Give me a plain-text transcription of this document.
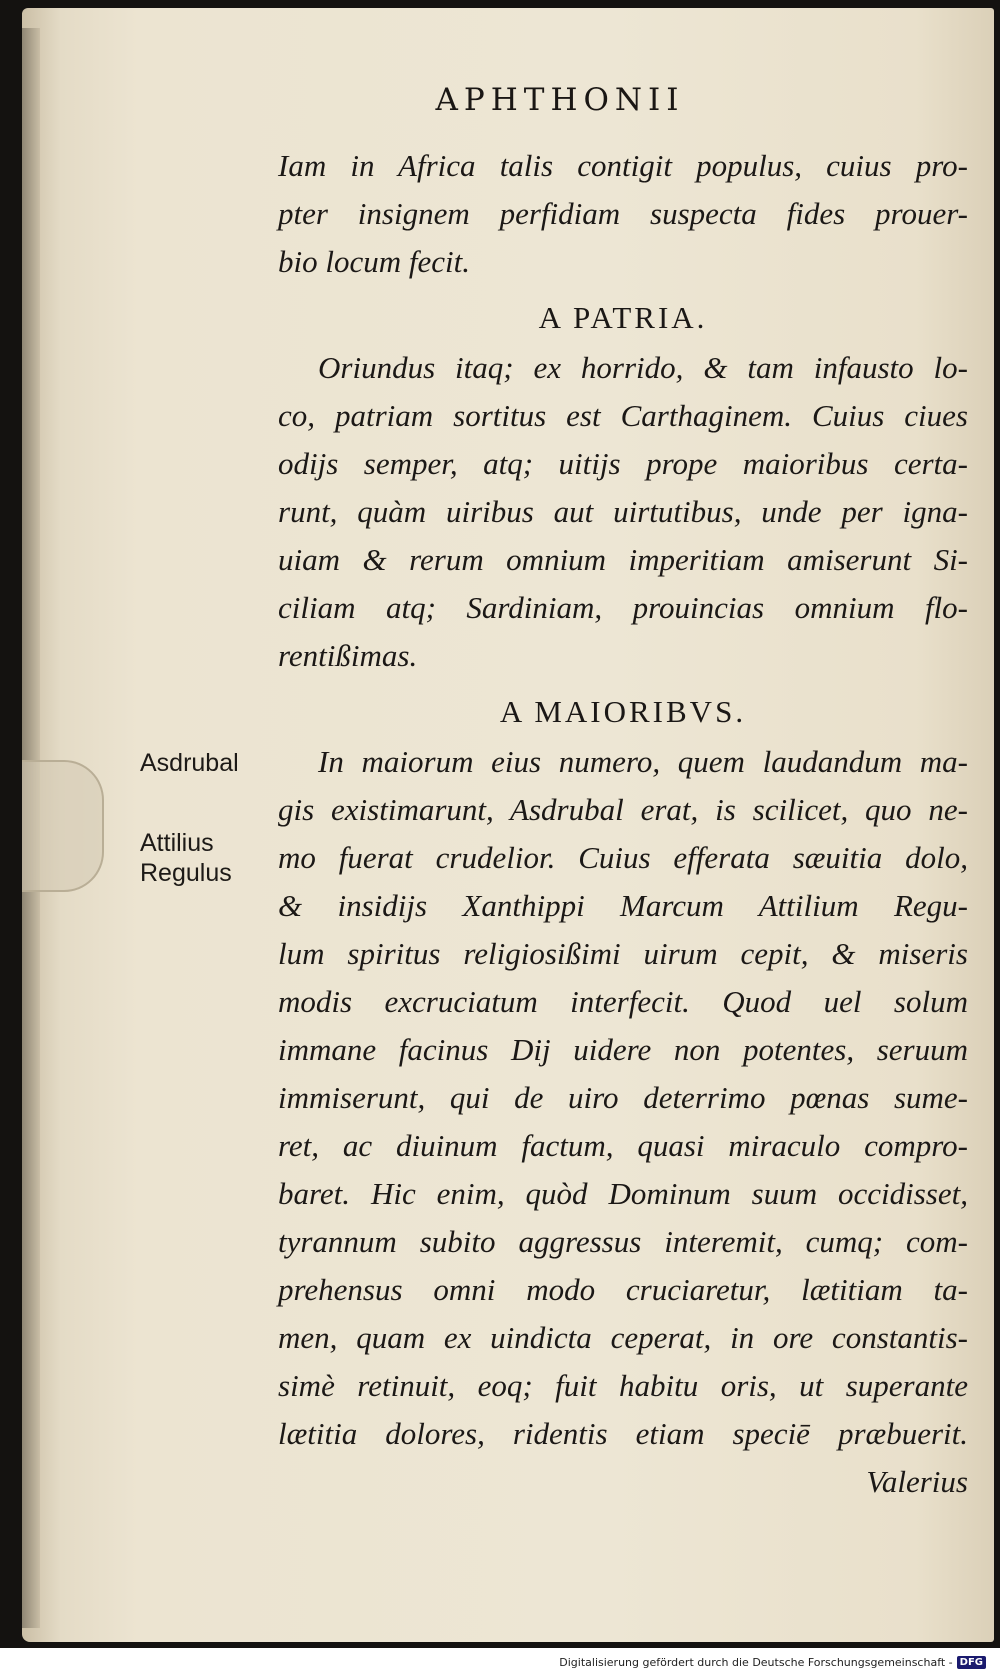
APHTHONII
Iam in Africa talis contigit populus, cuius pro-
pter insignem perfidiam suspecta fides prouer-
bio locum fecit.
A PATRIA.
Oriundus itaq; ex horrido, & tam infausto lo-
co, patriam sortitus est Carthaginem. Cuius ciues
odijs semper, atq; uitijs prope maioribus certa-
runt, quàm uiribus aut uirtutibus, unde per igna-
uiam & rerum omnium imperitiam amiserunt Si-
ciliam atq; Sardiniam, prouincias omnium flo-
rentißimas.
A MAIORIBVS.
In maiorum eius numero, quem laudandum ma-
gis existimarunt, Asdrubal erat, is scilicet, quo ne-
mo fuerat crudelior. Cuius efferata sæuitia dolo,
& insidijs Xanthippi Marcum Attilium Regu-
lum spiritus religiosißimi uirum cepit, & miseris
modis excruciatum interfecit. Quod uel solum
immane facinus Dij uidere non potentes, seruum
immiserunt, qui de uiro deterrimo pœnas sume-
ret, ac diuinum factum, quasi miraculo compro-
baret. Hic enim, quòd Dominum suum occidisset,
tyrannum subito aggressus interemit, cumq; com-
prehensus omni modo cruciaretur, lætitiam ta-
men, quam ex uindicta ceperat, in ore constantis-
simè retinuit, eoq; fuit habitu oris, ut superante
lætitia dolores, ridentis etiam speciē præbuerit.
Valerius
Asdrubal
Attilius
Regulus
Digitalisierung gefördert durch die Deutsche Forschungsgemeinschaft - DFG
